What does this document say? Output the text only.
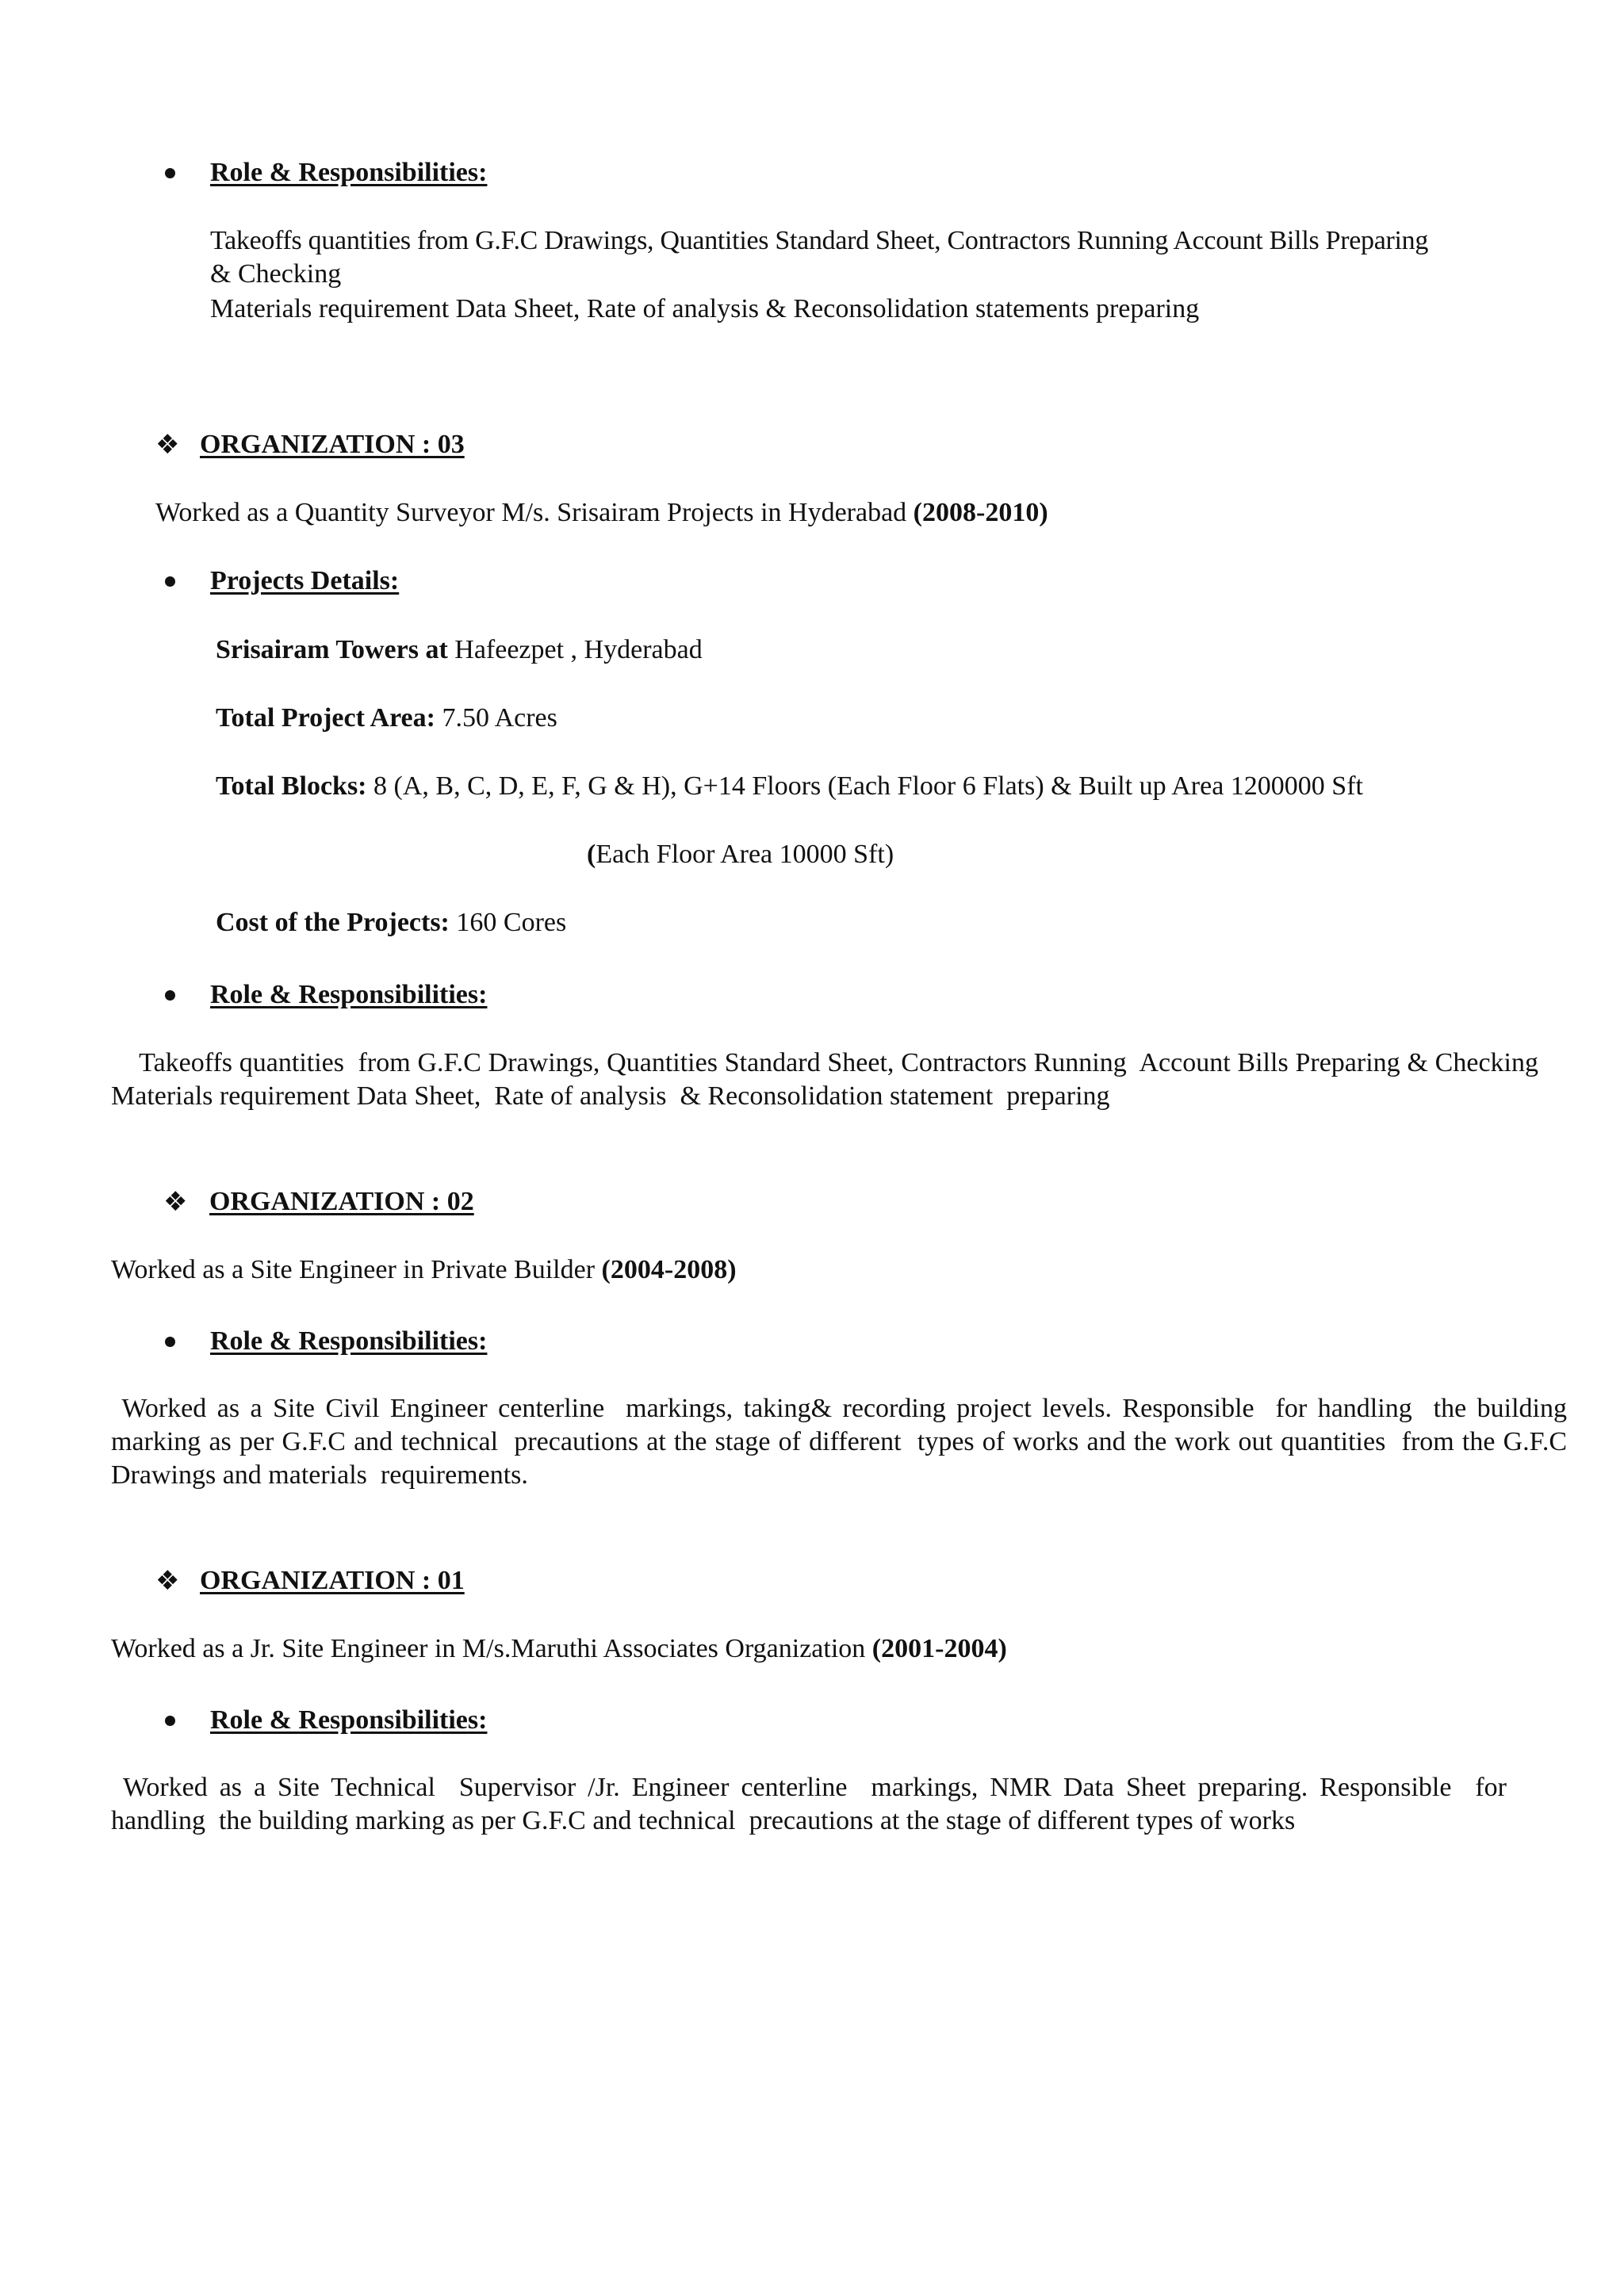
Role & Responsibilities:
Takeoffs quantities from G.F.C Drawings, Quantities Standard Sheet, Contractors Running Account Bills Preparing
& Checking
Materials requirement Data Sheet, Rate of analysis & Reconsolidation statements preparing
❖ ORGANIZATION : 03
Worked as a Quantity Surveyor M/s. Srisairam Projects in Hyderabad (2008-2010)
Projects Details:
Srisairam Towers at Hafeezpet , Hyderabad
Total Project Area: 7.50 Acres
Total Blocks: 8 (A, B, C, D, E, F, G & H), G+14 Floors (Each Floor 6 Flats) & Built up Area 1200000 Sft
(Each Floor Area 10000 Sft)
Cost of the Projects: 160 Cores
Role & Responsibilities:
Takeoffs quantities  from G.F.C Drawings, Quantities Standard Sheet, Contractors Running  Account Bills Preparing & Checking Materials requirement Data Sheet,  Rate of analysis  & Reconsolidation statement  preparing
❖ ORGANIZATION : 02
Worked as a Site Engineer in Private Builder (2004-2008)
Role & Responsibilities:
Worked as a Site Civil Engineer centerline  markings, taking& recording project levels. Responsible  for handling  the building marking as per G.F.C and technical  precautions at the stage of different  types of works and the work out quantities  from the G.F.C Drawings and materials  requirements.
❖ ORGANIZATION : 01
Worked as a Jr. Site Engineer in M/s.Maruthi Associates Organization (2001-2004)
Role & Responsibilities:
Worked as a Site Technical  Supervisor /Jr. Engineer centerline  markings, NMR Data Sheet preparing. Responsible  for handling  the building marking as per G.F.C and technical  precautions at the stage of different types of works
